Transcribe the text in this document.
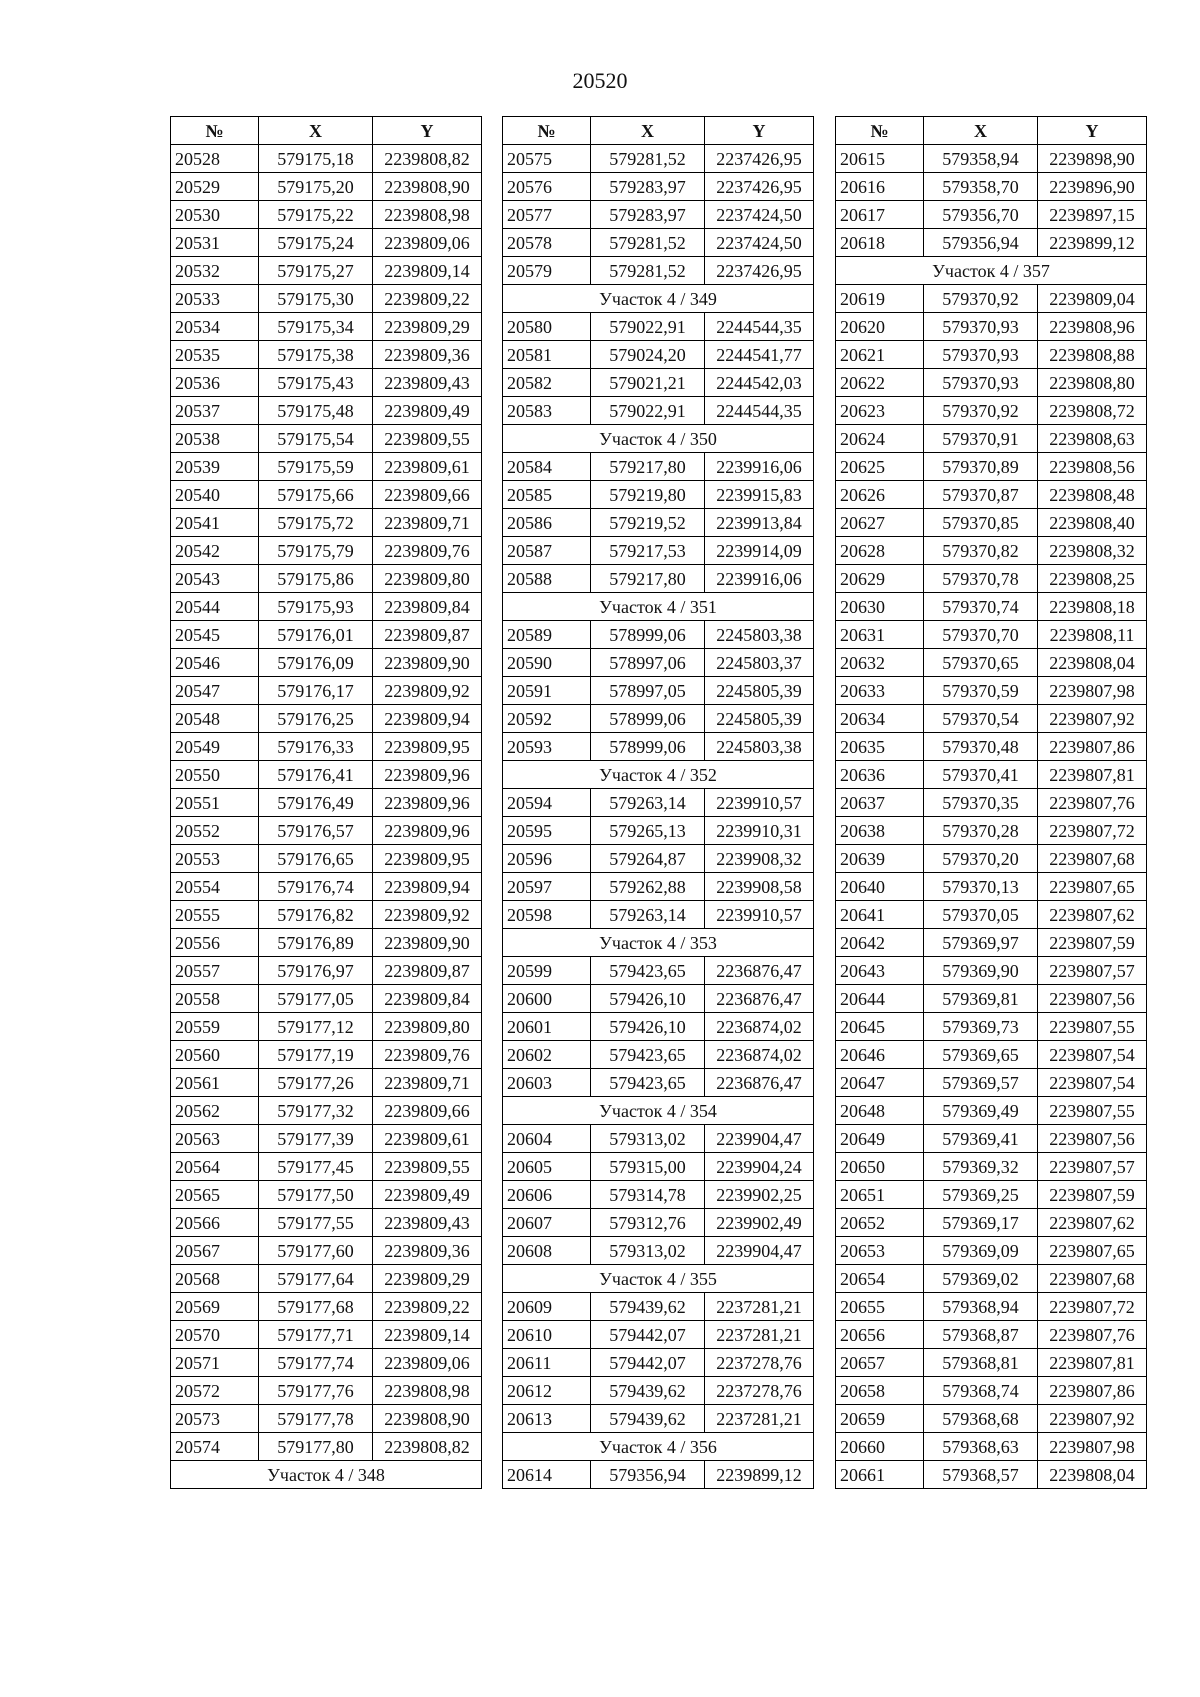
20520
№	X	Y
20528	579175,18	2239808,82
20529	579175,20	2239808,90
20530	579175,22	2239808,98
20531	579175,24	2239809,06
20532	579175,27	2239809,14
20533	579175,30	2239809,22
20534	579175,34	2239809,29
20535	579175,38	2239809,36
20536	579175,43	2239809,43
20537	579175,48	2239809,49
20538	579175,54	2239809,55
20539	579175,59	2239809,61
20540	579175,66	2239809,66
20541	579175,72	2239809,71
20542	579175,79	2239809,76
20543	579175,86	2239809,80
20544	579175,93	2239809,84
20545	579176,01	2239809,87
20546	579176,09	2239809,90
20547	579176,17	2239809,92
20548	579176,25	2239809,94
20549	579176,33	2239809,95
20550	579176,41	2239809,96
20551	579176,49	2239809,96
20552	579176,57	2239809,96
20553	579176,65	2239809,95
20554	579176,74	2239809,94
20555	579176,82	2239809,92
20556	579176,89	2239809,90
20557	579176,97	2239809,87
20558	579177,05	2239809,84
20559	579177,12	2239809,80
20560	579177,19	2239809,76
20561	579177,26	2239809,71
20562	579177,32	2239809,66
20563	579177,39	2239809,61
20564	579177,45	2239809,55
20565	579177,50	2239809,49
20566	579177,55	2239809,43
20567	579177,60	2239809,36
20568	579177,64	2239809,29
20569	579177,68	2239809,22
20570	579177,71	2239809,14
20571	579177,74	2239809,06
20572	579177,76	2239808,98
20573	579177,78	2239808,90
20574	579177,80	2239808,82
Участок 4 / 348		
№	X	Y
20575	579281,52	2237426,95
20576	579283,97	2237426,95
20577	579283,97	2237424,50
20578	579281,52	2237424,50
20579	579281,52	2237426,95
Участок 4 / 349		
20580	579022,91	2244544,35
20581	579024,20	2244541,77
20582	579021,21	2244542,03
20583	579022,91	2244544,35
Участок 4 / 350		
20584	579217,80	2239916,06
20585	579219,80	2239915,83
20586	579219,52	2239913,84
20587	579217,53	2239914,09
20588	579217,80	2239916,06
Участок 4 / 351		
20589	578999,06	2245803,38
20590	578997,06	2245803,37
20591	578997,05	2245805,39
20592	578999,06	2245805,39
20593	578999,06	2245803,38
Участок 4 / 352		
20594	579263,14	2239910,57
20595	579265,13	2239910,31
20596	579264,87	2239908,32
20597	579262,88	2239908,58
20598	579263,14	2239910,57
Участок 4 / 353		
20599	579423,65	2236876,47
20600	579426,10	2236876,47
20601	579426,10	2236874,02
20602	579423,65	2236874,02
20603	579423,65	2236876,47
Участок 4 / 354		
20604	579313,02	2239904,47
20605	579315,00	2239904,24
20606	579314,78	2239902,25
20607	579312,76	2239902,49
20608	579313,02	2239904,47
Участок 4 / 355		
20609	579439,62	2237281,21
20610	579442,07	2237281,21
20611	579442,07	2237278,76
20612	579439,62	2237278,76
20613	579439,62	2237281,21
Участок 4 / 356		
20614	579356,94	2239899,12
№	X	Y
20615	579358,94	2239898,90
20616	579358,70	2239896,90
20617	579356,70	2239897,15
20618	579356,94	2239899,12
Участок 4 / 357		
20619	579370,92	2239809,04
20620	579370,93	2239808,96
20621	579370,93	2239808,88
20622	579370,93	2239808,80
20623	579370,92	2239808,72
20624	579370,91	2239808,63
20625	579370,89	2239808,56
20626	579370,87	2239808,48
20627	579370,85	2239808,40
20628	579370,82	2239808,32
20629	579370,78	2239808,25
20630	579370,74	2239808,18
20631	579370,70	2239808,11
20632	579370,65	2239808,04
20633	579370,59	2239807,98
20634	579370,54	2239807,92
20635	579370,48	2239807,86
20636	579370,41	2239807,81
20637	579370,35	2239807,76
20638	579370,28	2239807,72
20639	579370,20	2239807,68
20640	579370,13	2239807,65
20641	579370,05	2239807,62
20642	579369,97	2239807,59
20643	579369,90	2239807,57
20644	579369,81	2239807,56
20645	579369,73	2239807,55
20646	579369,65	2239807,54
20647	579369,57	2239807,54
20648	579369,49	2239807,55
20649	579369,41	2239807,56
20650	579369,32	2239807,57
20651	579369,25	2239807,59
20652	579369,17	2239807,62
20653	579369,09	2239807,65
20654	579369,02	2239807,68
20655	579368,94	2239807,72
20656	579368,87	2239807,76
20657	579368,81	2239807,81
20658	579368,74	2239807,86
20659	579368,68	2239807,92
20660	579368,63	2239807,98
20661	579368,57	2239808,04
